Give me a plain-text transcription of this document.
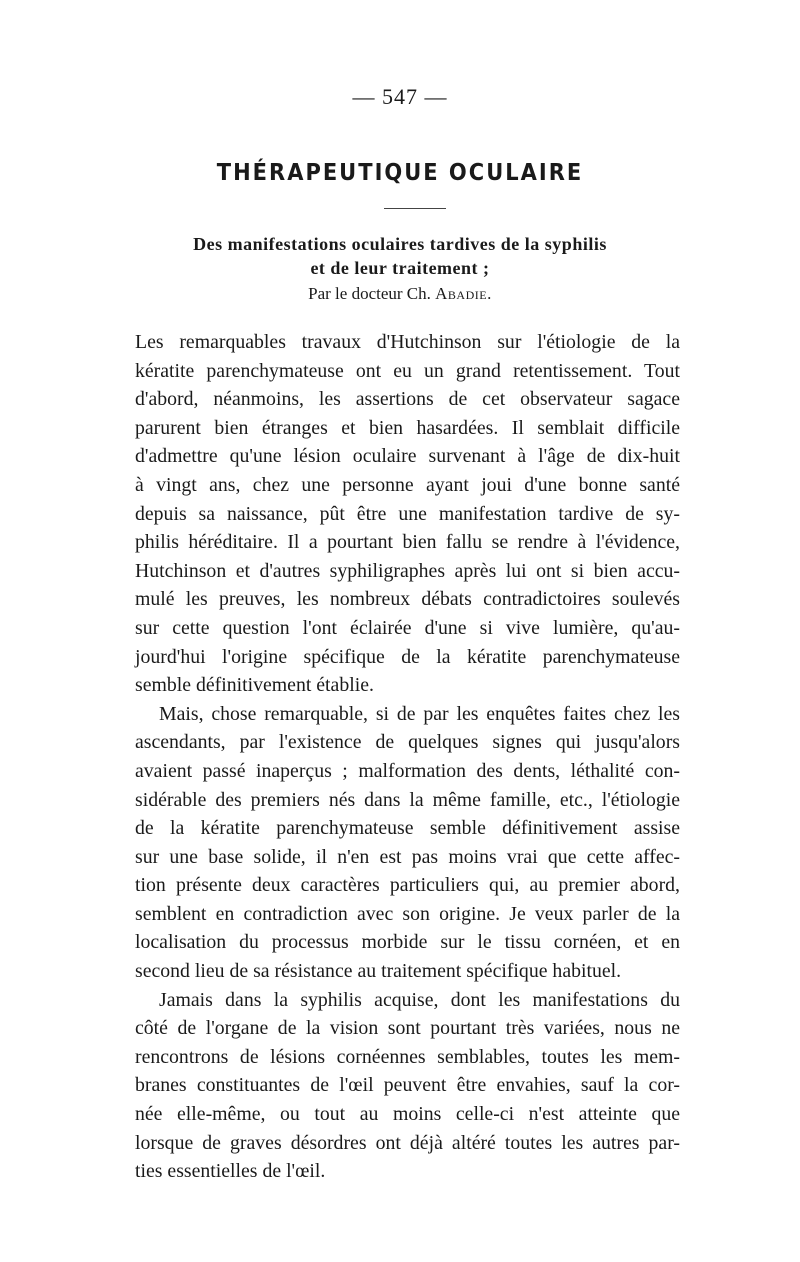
— 547 —
THÉRAPEUTIQUE OCULAIRE
Des manifestations oculaires tardives de la syphilis
et de leur traitement ;
Par le docteur Ch. Abadie.
Les remarquables travaux d'Hutchinson sur l'étiologie de la
kératite parenchymateuse ont eu un grand retentissement. Tout
d'abord, néanmoins, les assertions de cet observateur sagace
parurent bien étranges et bien hasardées. Il semblait difficile
d'admettre qu'une lésion oculaire survenant à l'âge de dix-huit
à vingt ans, chez une personne ayant joui d'une bonne santé
depuis sa naissance, pût être une manifestation tardive de sy-
philis héréditaire. Il a pourtant bien fallu se rendre à l'évidence,
Hutchinson et d'autres syphiligraphes après lui ont si bien accu-
mulé les preuves, les nombreux débats contradictoires soulevés
sur cette question l'ont éclairée d'une si vive lumière, qu'au-
jourd'hui l'origine spécifique de la kératite parenchymateuse
semble définitivement établie.
Mais, chose remarquable, si de par les enquêtes faites chez les
ascendants, par l'existence de quelques signes qui jusqu'alors
avaient passé inaperçus ; malformation des dents, léthalité con-
sidérable des premiers nés dans la même famille, etc., l'étiologie
de la kératite parenchymateuse semble définitivement assise
sur une base solide, il n'en est pas moins vrai que cette affec-
tion présente deux caractères particuliers qui, au premier abord,
semblent en contradiction avec son origine. Je veux parler de la
localisation du processus morbide sur le tissu cornéen, et en
second lieu de sa résistance au traitement spécifique habituel.
Jamais dans la syphilis acquise, dont les manifestations du
côté de l'organe de la vision sont pourtant très variées, nous ne
rencontrons de lésions cornéennes semblables, toutes les mem-
branes constituantes de l'œil peuvent être envahies, sauf la cor-
née elle-même, ou tout au moins celle-ci n'est atteinte que
lorsque de graves désordres ont déjà altéré toutes les autres par-
ties essentielles de l'œil.
